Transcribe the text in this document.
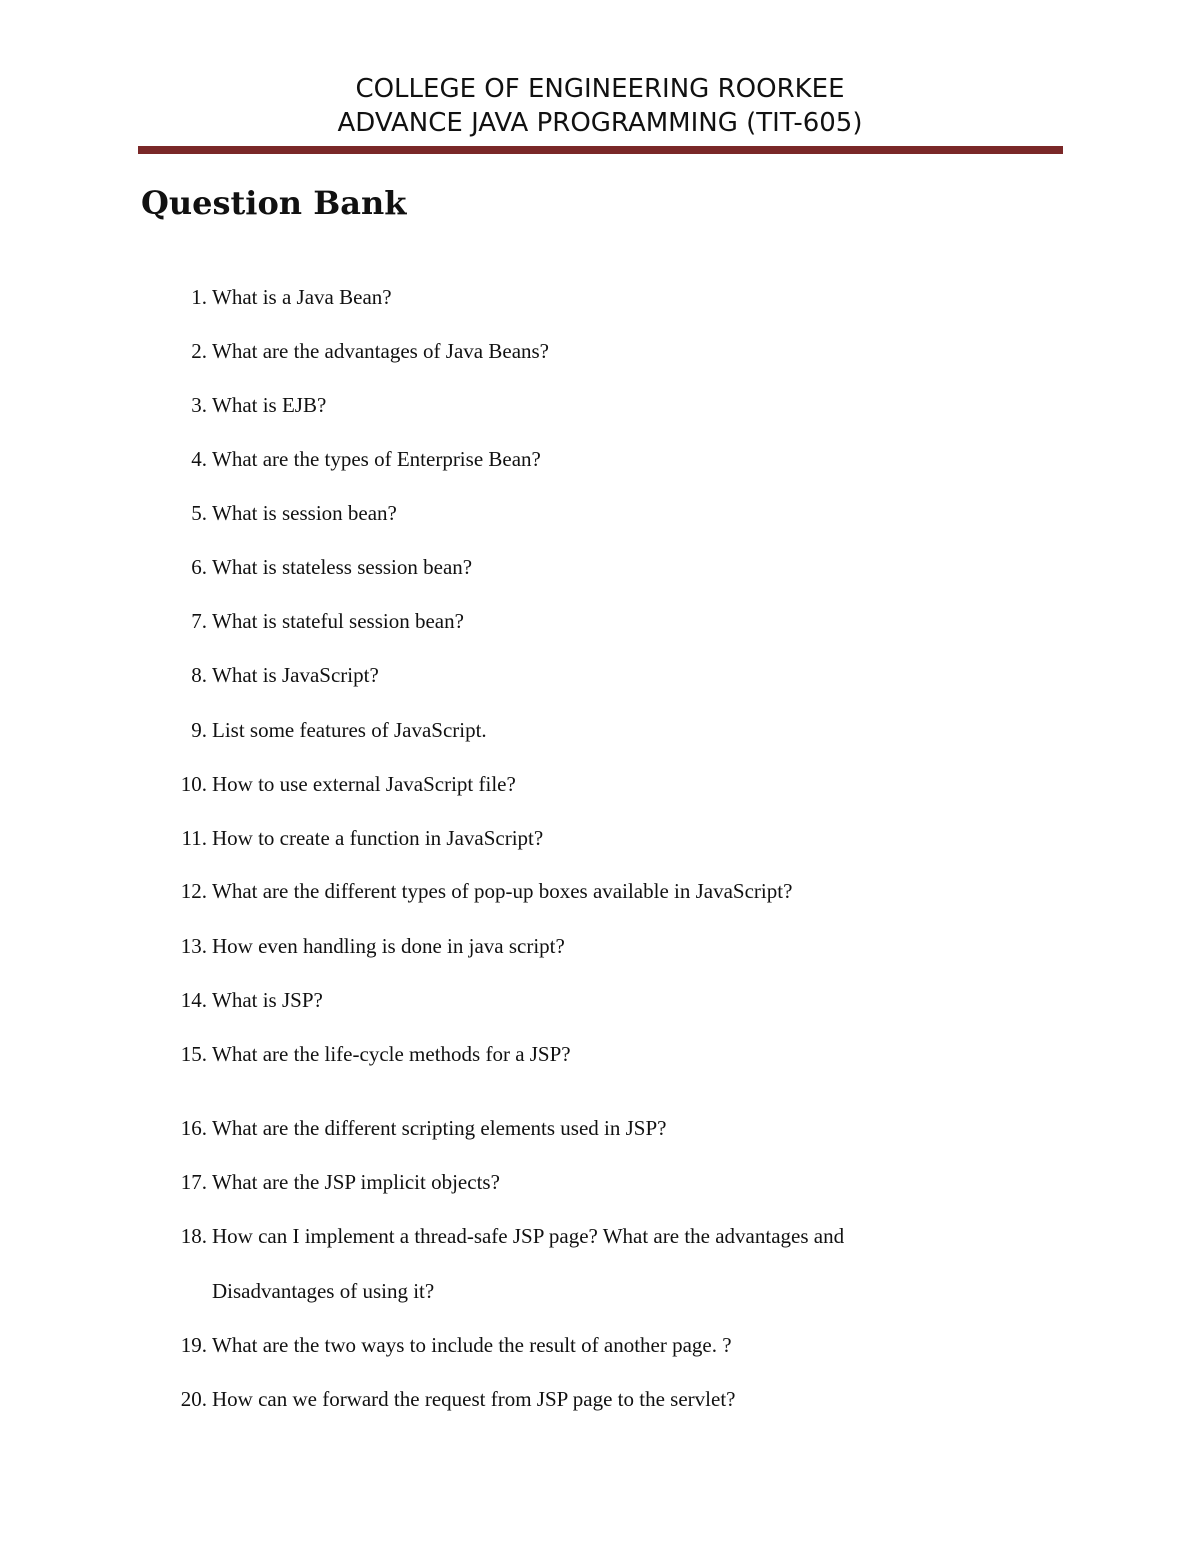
COLLEGE OF ENGINEERING ROORKEE
ADVANCE JAVA PROGRAMMING (TIT-605)
Question Bank
1. What is a Java Bean?
2. What are the advantages of Java Beans?
3. What is EJB?
4. What are the types of Enterprise Bean?
5. What is session bean?
6. What is stateless session bean?
7. What is stateful session bean?
8. What is JavaScript?
9. List some features of JavaScript.
10. How to use external JavaScript file?
11. How to create a function in JavaScript?
12. What are the different types of pop-up boxes available in JavaScript?
13. How even handling is done in java script?
14. What is JSP?
15. What are the life-cycle methods for a JSP?
16. What are the different scripting elements used in JSP?
17. What are the JSP implicit objects?
18. How can I implement a thread-safe JSP page? What are the advantages and
Disadvantages of using it?
19. What are the two ways to include the result of another page. ?
20. How can we forward the request from JSP page to the servlet?
